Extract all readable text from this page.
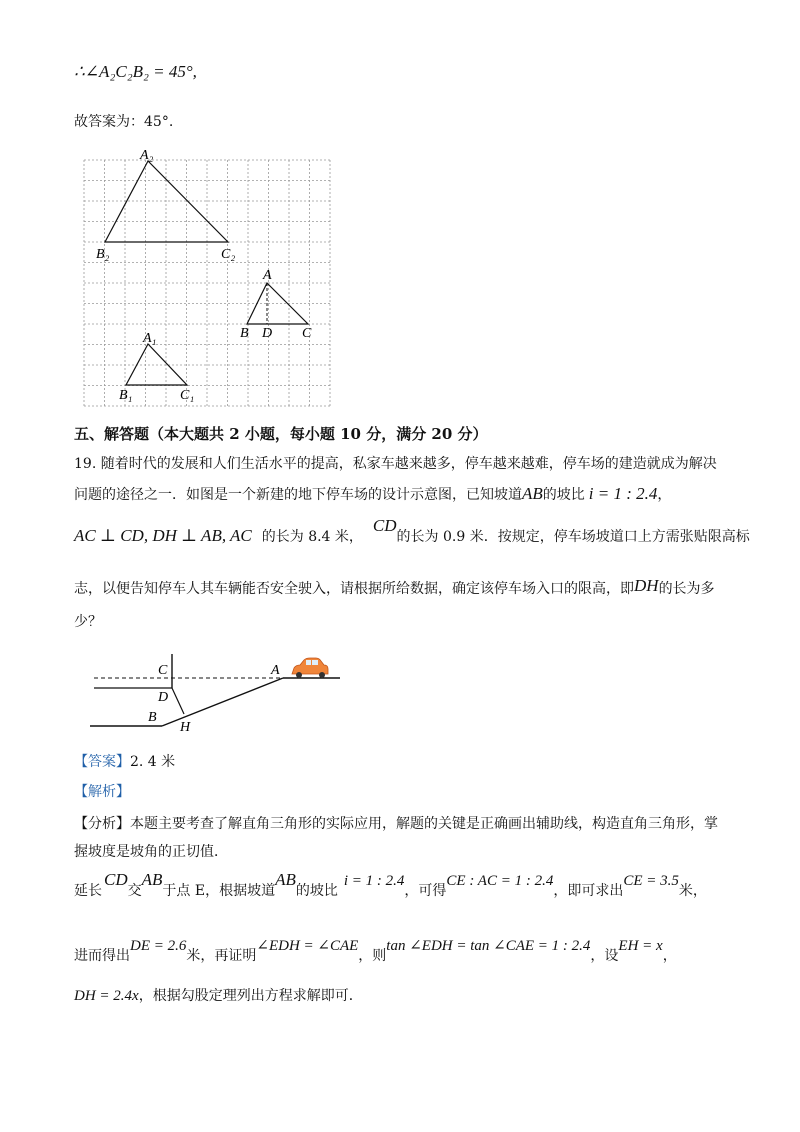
∴∠A₂C₂B₂ = 45°,
故答案为：45°.
A₂
B₂	C₂
A
B D C
A₁
B₁	C₁
五、解答题（本大题共 2 小题，每小题 10 分，满分 20 分）
19. 随着时代的发展和人们生活水平的提高，私家车越来越多，停车越来越难，停车场的建造就成为解决
问题的途径之一．如图是一个新建的地下停车场的设计示意图，已知坡道AB的坡比 i = 1 : 2.4，
AC ⊥ CD, DH ⊥ AB, AC 的长为 8.4 米，CD的长为 0.9 米．按规定，停车场坡道口上方需张贴限高标
志，以便告知停车人其车辆能否安全驶入，请根据所给数据，确定该停车场入口的限高，即DH的长为多
少？
C	A
D
B
H
【答案】2. 4 米
【解析】
【分析】本题主要考查了解直角三角形的实际应用，解题的关键是正确画出辅助线，构造直角三角形，掌
握坡度是坡角的正切值．
延长CD交AB于点 E，根据坡道AB的坡比i = 1 : 2.4，可得CE : AC = 1 : 2.4，即可求出CE = 3.5米，
进而得出DE = 2.6米，再证明∠EDH = ∠CAE，则tan ∠EDH = tan ∠CAE = 1 : 2.4，设EH = x，
DH = 2.4x，根据勾股定理列出方程求解即可．
